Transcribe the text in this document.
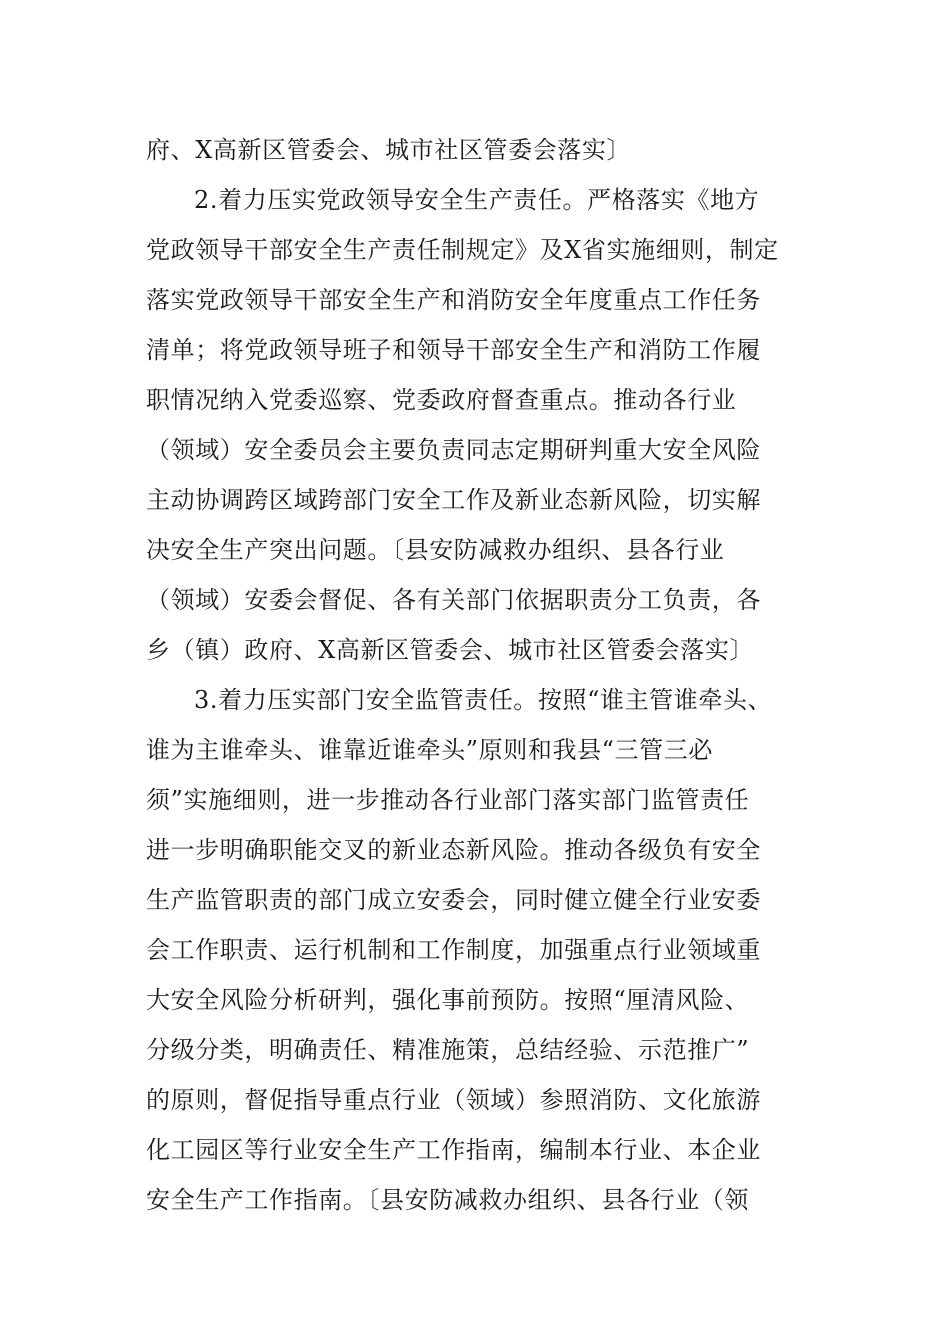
府、X高新区管委会、城市社区管委会落实〕
2.着力压实党政领导安全生产责任。严格落实《地方
党政领导干部安全生产责任制规定》及X省实施细则，制定
落实党政领导干部安全生产和消防安全年度重点工作任务
清单；将党政领导班子和领导干部安全生产和消防工作履
职情况纳入党委巡察、党委政府督查重点。推动各行业
（领域）安全委员会主要负责同志定期研判重大安全风险
主动协调跨区域跨部门安全工作及新业态新风险，切实解
决安全生产突出问题。〔县安防减救办组织、县各行业
（领域）安委会督促、各有关部门依据职责分工负责，各
乡（镇）政府、X高新区管委会、城市社区管委会落实〕
3.着力压实部门安全监管责任。按照“谁主管谁牵头、
谁为主谁牵头、谁靠近谁牵头”原则和我县“三管三必
须”实施细则，进一步推动各行业部门落实部门监管责任
进一步明确职能交叉的新业态新风险。推动各级负有安全
生产监管职责的部门成立安委会，同时健立健全行业安委
会工作职责、运行机制和工作制度，加强重点行业领域重
大安全风险分析研判，强化事前预防。按照“厘清风险、
分级分类，明确责任、精准施策，总结经验、示范推广”
的原则，督促指导重点行业（领域）参照消防、文化旅游
化工园区等行业安全生产工作指南，编制本行业、本企业
安全生产工作指南。〔县安防减救办组织、县各行业（领
